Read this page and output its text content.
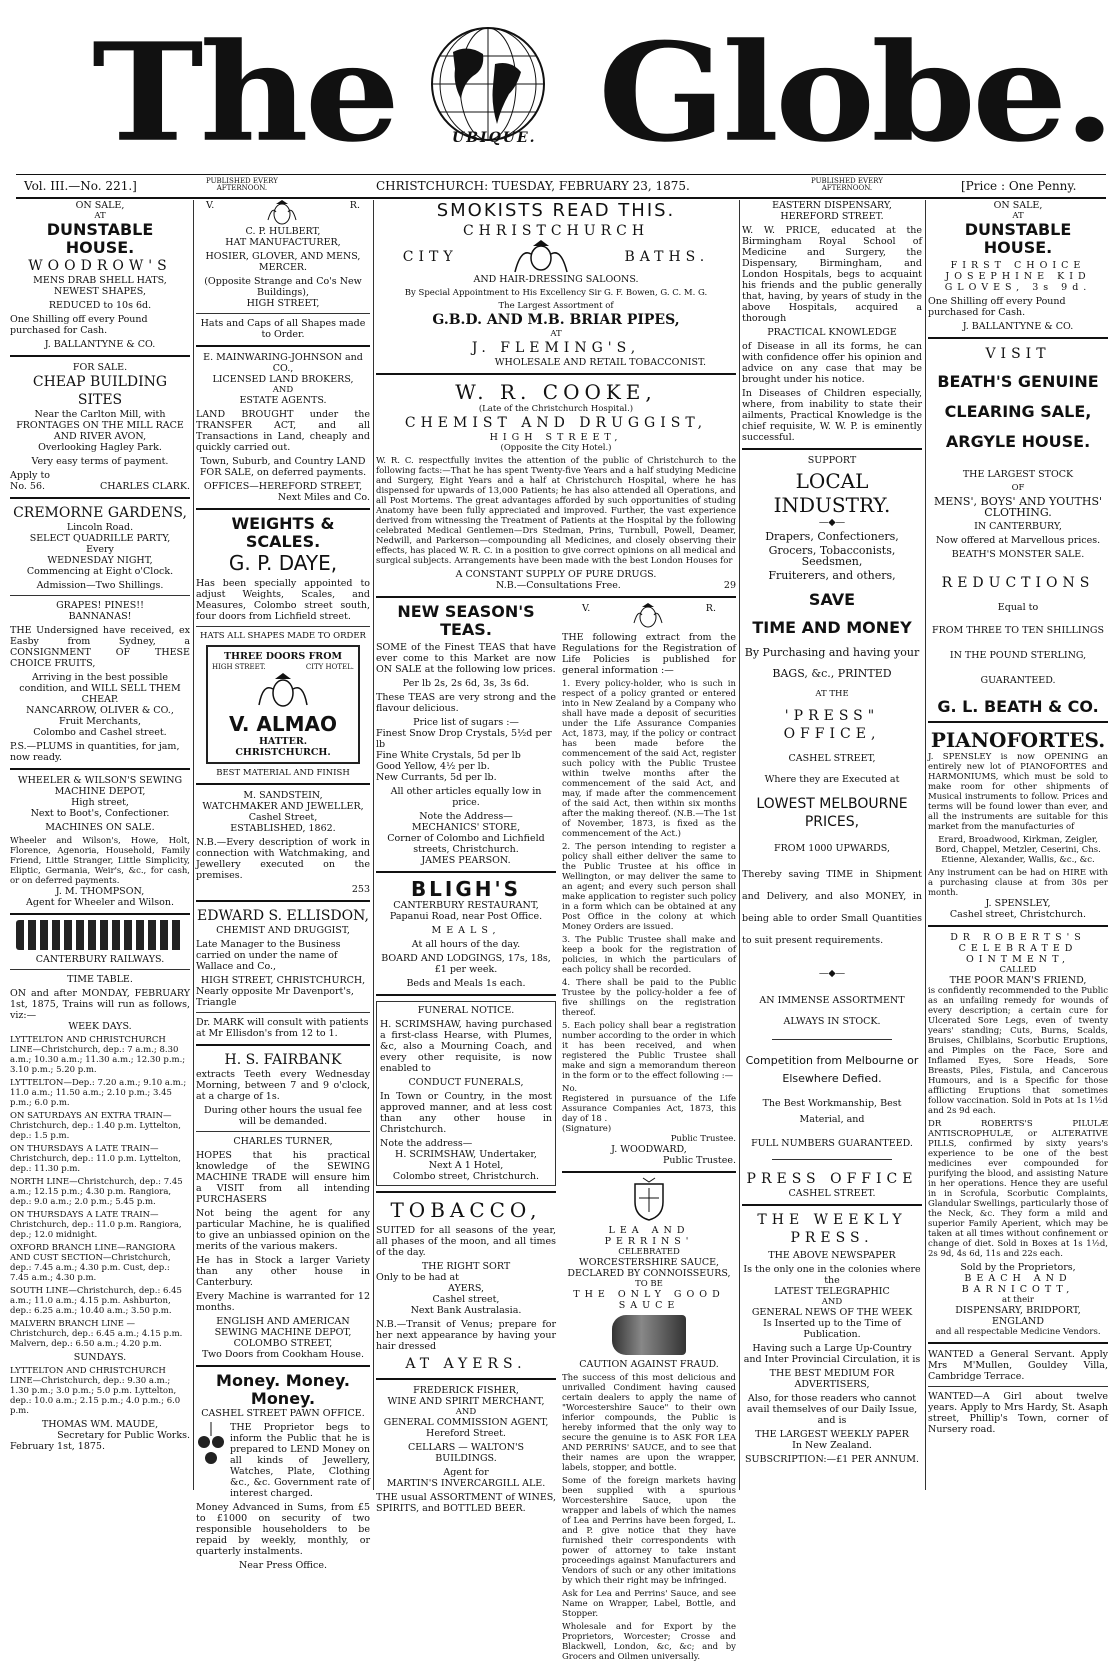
The	UBIQUE. Globe.
Vol. III.—No. 221.]	PUBLISHED EVERY
AFTERNOON.	CHRISTCHURCH: TUESDAY, FEBRUARY 23, 1875.	PUBLISHED EVERY
AFTERNOON.	[Price : One Penny.
ON SALE,
AT
DUNSTABLE HOUSE.
WOODROW'S
MENS DRAB SHELL HATS, NEWEST SHAPES,
REDUCED to 10s 6d.
One Shilling off every Pound purchased for Cash.
J. BALLANTYNE & CO.
FOR SALE.
CHEAP BUILDING SITES
Near the Carlton Mill, with FRONTAGES ON THE MILL RACE AND RIVER AVON,
Overlooking Hagley Park.
Very easy terms of payment.
Apply to
No. 56.	CHARLES CLARK.
CREMORNE GARDENS,
Lincoln Road.
SELECT QUADRILLE PARTY,
Every
WEDNESDAY NIGHT,
Commencing at Eight o'Clock.
Admission—Two Shillings.
GRAPES! PINES!!
BANNANAS!
THE Undersigned have received, ex Easby from Sydney, a CONSIGNMENT OF THESE CHOICE FRUITS,
Arriving in the best possible condition, and WILL SELL THEM CHEAP.
NANCARROW, OLIVER & CO.,
Fruit Merchants,
Colombo and Cashel street.
P.S.—PLUMS in quantities, for jam, now ready.
WHEELER & WILSON'S SEWING MACHINE DEPOT,
High street,
Next to Boot's, Confectioner.
MACHINES ON SALE.
Wheeler and Wilson's, Howe, Holt, Florence, Agenoria, Household, Family Friend, Little Stranger, Little Simplicity, Eliptic, Germania, Weir's, &c., for cash, or on deferred payments.
J. M. THOMPSON,
Agent for Wheeler and Wilson.
CANTERBURY RAILWAYS.
TIME TABLE.
ON and after MONDAY, FEBRUARY 1st, 1875, Trains will run as follows, viz:—
WEEK DAYS.
LYTTELTON AND CHRISTCHURCH LINE—Christchurch, dep.: 7 a.m.; 8.30 a.m.; 10.30 a.m.; 11.30 a.m.; 12.30 p.m.; 3.10 p.m.; 5.20 p.m.
LYTTELTON—Dep.: 7.20 a.m.; 9.10 a.m.; 11.0 a.m.; 11.50 a.m.; 2.10 p.m.; 3.45 p.m.; 6.0 p.m.
ON SATURDAYS AN EXTRA TRAIN—Christchurch, dep.: 1.40 p.m. Lyttelton, dep.: 1.5 p.m.
ON THURSDAYS A LATE TRAIN—Christchurch, dep.: 11.0 p.m. Lyttelton, dep.: 11.30 p.m.
NORTH LINE—Christchurch, dep.: 7.45 a.m.; 12.15 p.m.; 4.30 p.m. Rangiora, dep.: 9.0 a.m.; 2.0 p.m.; 5.45 p.m.
ON THURSDAYS A LATE TRAIN—Christchurch, dep.: 11.0 p.m. Rangiora, dep.; 12.0 midnight.
OXFORD BRANCH LINE—RANGIORA AND CUST SECTION—Christchurch, dep.: 7.45 a.m.; 4.30 p.m. Cust, dep.: 7.45 a.m.; 4.30 p.m.
SOUTH LINE—Christchurch, dep.: 6.45 a.m.; 11.0 a.m.; 4.15 p.m. Ashburton, dep.: 6.25 a.m.; 10.40 a.m.; 3.50 p.m.
MALVERN BRANCH LINE — Christchurch, dep.: 6.45 a.m.; 4.15 p.m. Malvern, dep.: 6.50 a.m.; 4.20 p.m.
SUNDAYS.
LYTTELTON AND CHRISTCHURCH LINE—Christchurch, dep.: 9.30 a.m.; 1.30 p.m.; 3.0 p.m.; 5.0 p.m. Lyttelton, dep.: 10.0 a.m.; 2.15 p.m.; 4.0 p.m.; 6.0 p.m.
THOMAS WM. MAUDE,
Secretary for Public Works.
February 1st, 1875.
V.	R.
C. P. HULBERT,
HAT MANUFACTURER,
HOSIER, GLOVER, AND MENS, MERCER.
(Opposite Strange and Co's New Buildings),
HIGH STREET,
Hats and Caps of all Shapes made to Order.
E. MAINWARING-JOHNSON and CO.,
LICENSED LAND BROKERS,
AND
ESTATE AGENTS.
LAND BROUGHT under the TRANSFER ACT, and all Transactions in Land, cheaply and quickly carried out.
Town, Suburb, and Country LAND FOR SALE, on deferred payments.
OFFICES—HEREFORD STREET,
Next Miles and Co.
WEIGHTS & SCALES.
G. P. DAYE,
Has been specially appointed to adjust Weights, Scales, and Measures, Colombo street south, four doors from Lichfield street.
HATS ALL SHAPES MADE TO ORDER
THREE DOORS FROM
HIGH STREET.	CITY HOTEL.
V. ALMAO
HATTER.
CHRISTCHURCH.
BEST MATERIAL AND FINISH
M. SANDSTEIN,
WATCHMAKER AND JEWELLER,
Cashel Street,
ESTABLISHED, 1862.
N.B.—Every description of work in connection with Watchmaking, and Jewellery executed on the premises.
253
EDWARD S. ELLISDON,
CHEMIST AND DRUGGIST,
Late Manager to the Business carried on under the name of Wallace and Co.,
HIGH STREET, CHRISTCHURCH,
Nearly opposite Mr Davenport's, Triangle
Dr. MARK will consult with patients at Mr Ellisdon's from 12 to 1.
H. S. FAIRBANK
extracts Teeth every Wednesday Morning, between 7 and 9 o'clock, at a charge of 1s.
During other hours the usual fee will be demanded.
CHARLES TURNER,
HOPES that his practical knowledge of the SEWING MACHINE TRADE will ensure him a VISIT from all intending PURCHASERS
Not being the agent for any particular Machine, he is qualified to give an unbiassed opinion on the merits of the various makers.
He has in Stock a larger Variety than any other house in Canterbury.
Every Machine is warranted for 12 months.
ENGLISH AND AMERICAN SEWING MACHINE DEPOT,
COLOMBO STREET,
Two Doors from Cookham House.
Money. Money. Money.
CASHEL STREET PAWN OFFICE.
THE Proprietor begs to inform the Public that he is prepared to LEND Money on all kinds of Jewellery, Watches, Plate, Clothing &c., &c. Government rate of interest charged.
Money Advanced in Sums, from £5 to £1000 on security of two responsible householders to be repaid by weekly, monthly, or quarterly instalments.
Near Press Office.
SMOKISTS READ THIS.
CHRISTCHURCH
CITY	BATHS.
AND HAIR-DRESSING SALOONS.
By Special Appointment to His Excellency Sir G. F. Bowen, G. C. M. G.
The Largest Assortment of
G.B.D. AND M.B. BRIAR PIPES,
AT
J. FLEMING'S,
WHOLESALE AND RETAIL TOBACCONIST.
W. R. COOKE,
(Late of the Christchurch Hospital.)
CHEMIST AND DRUGGIST,
HIGH STREET,
(Opposite the City Hotel.)
W. R. C. respectfully invites the attention of the public of Christchurch to the following facts:—That he has spent Twenty-five Years and a half studying Medicine and Surgery, Eight Years and a half at Christchurch Hospital, where he has dispensed for upwards of 13,000 Patients; he has also attended all Operations, and all Post Mortems. The great advantages afforded by such opportunities of studing Anatomy have been fully appreciated and improved. Further, the vast experience derived from witnessing the Treatment of Patients at the Hospital by the following celebrated Medical Gentlemen—Drs Stedman, Prins, Turnbull, Powell, Deamer, Nedwill, and Parkerson—compounding all Medicines, and closely observing their effects, has placed W. R. C. in a position to give correct opinions on all medical and surgical subjects. Arrangements have been made with the best London Houses for
A CONSTANT SUPPLY OF PURE DRUGS.
N.B.—Consultations Free.	29
NEW SEASON'S TEAS.
SOME of the Finest TEAS that have ever come to this Market are now ON SALE at the following low prices.
Per lb 2s, 2s 6d, 3s, 3s 6d.
These TEAS are very strong and the flavour delicious.
Price list of sugars :—
Finest Snow Drop Crystals, 5½d per lb
Fine White Crystals, 5d per lb
Good Yellow, 4½ per lb.
New Currants, 5d per lb.
All other articles equally low in price.
Note the Address—
MECHANICS' STORE,
Corner of Colombo and Lichfield streets, Christchurch.
JAMES PEARSON.
BLIGH'S
CANTERBURY RESTAURANT,
Papanui Road, near Post Office.
MEALS,
At all hours of the day.
BOARD AND LODGINGS, 17s, 18s, £1 per week.
Beds and Meals 1s each.
FUNERAL NOTICE.
H. SCRIMSHAW, having purchased a first-class Hearse, with Plumes, &c, also a Mourning Coach, and every other requisite, is now enabled to
CONDUCT FUNERALS,
In Town or Country, in the most approved manner, and at less cost than any other house in Christchurch.
Note the address—
H. SCRIMSHAW, Undertaker,
Next A 1 Hotel,
Colombo street, Christchurch.
TOBACCO,
SUITED for all seasons of the year, all phases of the moon, and all times of the day.
THE RIGHT SORT
Only to be had at
AYERS,
Cashel street,
Next Bank Australasia.
N.B.—Transit of Venus; prepare for her next appearance by having your hair dressed
AT AYERS.
FREDERICK FISHER,
WINE AND SPIRIT MERCHANT,
AND
GENERAL COMMISSION AGENT,
Hereford Street.
CELLARS — WALTON'S BUILDINGS.
Agent for
MARTIN'S INVERCARGILL ALE.
THE usual ASSORTMENT of WINES, SPIRITS, and BOTTLED BEER.
V.	R.
THE following extract from the Regulations for the Registration of Life Policies is published for general information :—
1. Every policy-holder, who is such in respect of a policy granted or entered into in New Zealand by a Company who shall have made a deposit of securities under the Life Assurance Companies Act, 1873, may, if the policy or contract has been made before the commencement of the said Act, register such policy with the Public Trustee within twelve months after the commencement of the said Act, and may, if made after the commencement of the said Act, then within six months after the making thereof. (N.B.—The 1st of November, 1873, is fixed as the commencement of the Act.)
2. The person intending to register a policy shall either deliver the same to the Public Trustee at his office in Wellington, or may deliver the same to an agent; and every such person shall make application to register such policy in a form which can be obtained at any Post Office in the colony at which Money Orders are issued.
3. The Public Trustee shall make and keep a book for the registration of policies, in which the particulars of each policy shall be recorded.
4. There shall be paid to the Public Trustee by the policy-holder a fee of five shillings on the registration thereof.
5. Each policy shall bear a registration number according to the order in which it has been received, and when registered the Public Trustee shall make and sign a memorandum thereon in the form or to the effect following :—
No.
Registered in pursuance of the Life Assurance Companies Act, 1873, this day of 18 .
(Signature)
Public Trustee.
J. WOODWARD,
Public Trustee.
LEA AND PERRINS'
CELEBRATED
WORCESTERSHIRE SAUCE,
DECLARED BY CONNOISSEURS,
TO BE
THE ONLY GOOD SAUCE
CAUTION AGAINST FRAUD.
The success of this most delicious and unrivalled Condiment having caused certain dealers to apply the name of "Worcestershire Sauce" to their own inferior compounds, the Public is hereby informed that the only way to secure the genuine is to ASK FOR LEA AND PERRINS' SAUCE, and to see that their names are upon the wrapper, labels, stopper, and bottle.
Some of the foreign markets having been supplied with a spurious Worcestershire Sauce, upon the wrapper and labels of which the names of Lea and Perrins have been forged, L. and P. give notice that they have furnished their correspondents with power of attorney to take instant proceedings against Manufacturers and Vendors of such or any other imitations by which their right may be infringed.
Ask for Lea and Perrins' Sauce, and see Name on Wrapper, Label, Bottle, and Stopper.
Wholesale and for Export by the Proprietors, Worcester; Crosse and Blackwell, London, &c, &c; and by Grocers and Oilmen universally.
EASTERN DISPENSARY, HEREFORD STREET.
W. W. PRICE, educated at the Birmingham Royal School of Medicine and Surgery, the Dispensary, Birmingham, and London Hospitals, begs to acquaint his friends and the public generally that, having, by years of study in the above Hospitals, acquired a thorough
PRACTICAL KNOWLEDGE
of Disease in all its forms, he can with confidence offer his opinion and advice on any case that may be brought under his notice.
In Diseases of Children especially, where, from inability to state their ailments, Practical Knowledge is the chief requisite, W. W. P. is eminently successful.
SUPPORT
LOCAL INDUSTRY.
—◆—
Drapers, Confectioners,
Grocers, Tobacconists, Seedsmen,
Fruiterers, and others,
SAVE
TIME AND MONEY
By Purchasing and having your
BAGS, &c., PRINTED
AT THE
'PRESS" OFFICE,
CASHEL STREET,
Where they are Executed at
LOWEST MELBOURNE PRICES,
FROM 1000 UPWARDS,
Thereby saving TIME in Shipment and Delivery, and also MONEY, in being able to order Small Quantities to suit present requirements.
—◆—
AN IMMENSE ASSORTMENT
ALWAYS IN STOCK.
Competition from Melbourne or Elsewhere Defied.
The Best Workmanship, Best Material, and
FULL NUMBERS GUARANTEED.
PRESS OFFICE
CASHEL STREET.
THE WEEKLY PRESS.
THE ABOVE NEWSPAPER
Is the only one in the colonies where the
LATEST TELEGRAPHIC
AND
GENERAL NEWS OF THE WEEK
Is Inserted up to the Time of Publication.
Having such a Large Up-Country and Inter Provincial Circulation, it is
THE BEST MEDIUM FOR ADVERTISERS,
Also, for those readers who cannot avail themselves of our Daily Issue, and is
THE LARGEST WEEKLY PAPER
In New Zealand.
SUBSCRIPTION:—£1 PER ANNUM.
ON SALE,
AT
DUNSTABLE HOUSE.
FIRST CHOICE JOSEPHINE KID GLOVES, 3s 9d.
One Shilling off every Pound purchased for Cash.
J. BALLANTYNE & CO.
VISIT
BEATH'S GENUINE
CLEARING SALE,
ARGYLE HOUSE.
THE LARGEST STOCK
OF
MENS', BOYS' AND YOUTHS' CLOTHING.
IN CANTERBURY,
Now offered at Marvellous prices.
BEATH'S MONSTER SALE.
REDUCTIONS
Equal to
FROM THREE TO TEN SHILLINGS
IN THE POUND STERLING,
GUARANTEED.
G. L. BEATH & CO.
PIANOFORTES.
J. SPENSLEY is now OPENING an entirely new lot of PIANOFORTES and HARMONIUMS, which must be sold to make room for other shipments of Musical instruments to follow. Prices and terms will be found lower than ever, and all the instruments are suitable for this market from the manufacturies of
Erard, Broadwood, Kirkman, Zeigler, Bord, Chappel, Metzler, Ceserini, Chs. Etienne, Alexander, Wallis, &c., &c.
Any instrument can be had on HIRE with a purchasing clause at from 30s per month.
J. SPENSLEY,
Cashel street, Christchurch.
DR ROBERTS'S
CELEBRATED OINTMENT,
CALLED
THE POOR MAN'S FRIEND,
is confidently recommended to the Public as an unfailing remedy for wounds of every description; a certain cure for Ulcerated Sore Legs, even of twenty years' standing; Cuts, Burns, Scalds, Bruises, Chilblains, Scorbutic Eruptions, and Pimples on the Face, Sore and Inflamed Eyes, Sore Heads, Sore Breasts, Piles, Fistula, and Cancerous Humours, and is a Specific for those afflicting Eruptions that sometimes follow vaccination. Sold in Pots at 1s 1½d and 2s 9d each.
DR ROBERTS'S PILULÆ ANTISCROPHULÆ, or ALTERATIVE PILLS, confirmed by sixty years's experience to be one of the best medicines ever compounded for purifying the blood, and assisting Nature in her operations. Hence they are useful in in Scrofula, Scorbutic Complaints, Glandular Swellings, particularly those of the Neck, &c. They form a mild and superior Family Aperient, which may be taken at all times without confinement or change of diet. Sold in Boxes at 1s 1½d, 2s 9d, 4s 6d, 11s and 22s each.
Sold by the Proprietors,
BEACH AND BARNICOTT,
at their
DISPENSARY, BRIDPORT, ENGLAND
and all respectable Medicine Vendors.
WANTED a General Servant. Apply Mrs M'Mullen, Gouldey Villa, Cambridge Terrace.
WANTED—A Girl about twelve years. Apply to Mrs Hardy, St. Asaph street, Phillip's Town, corner of Nursery road.
